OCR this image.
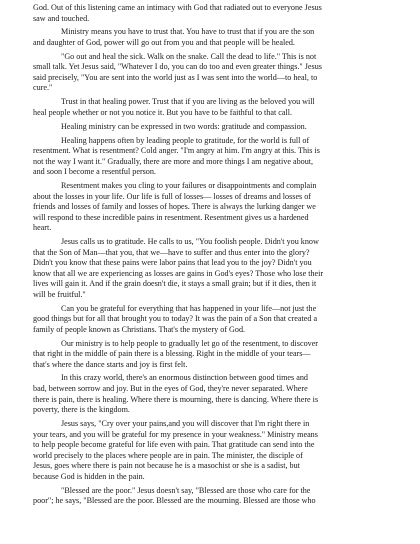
God. Out of this listening came an intimacy with God that radiated out to everyone Jesus
saw and touched.

Ministry means you have to trust that. You have to trust that if you are the son
and daughter of God, power will go out from you and that people will be healed.

"Go out and heal the sick. Walk on the snake. Call the dead to life." This is not
small talk. Yet Jesus said, "Whatever I do, you can do too and even greater things." Jesus
said precisely, "You are sent into the world just as I was sent into the world—to heal, to
cure."

Trust in that healing power. Trust that if you are living as the beloved you will
heal people whether or not you notice it. But you have to be faithful to that call.

Healing ministry can be expressed in two words: gratitude and compassion.

Healing happens often by leading people to gratitude, for the world is full of
resentment. What is resentment? Cold anger. "I'm angry at him. I'm angry at this. This is
not the way I want it." Gradually, there are more and more things I am negative about,
and soon I become a resentful person.

Resentment makes you cling to your failures or disappointments and complain
about the losses in your life. Our life is full of losses— losses of dreams and losses of
friends and losses of family and losses of hopes. There is always the lurking danger we
will respond to these incredible pains in resentment. Resentment gives us a hardened
heart.

Jesus calls us to gratitude. He calls to us, "You foolish people. Didn't you know
that the Son of Man—that you, that we—have to suffer and thus enter into the glory?
Didn't you know that these pains were labor pains that lead you to the joy? Didn't you
know that all we are experiencing as losses are gains in God's eyes? Those who lose their
lives will gain it. And if the grain doesn't die, it stays a small grain; but if it dies, then it
will be fruitful."

Can you be grateful for everything that has happened in your life—not just the
good things but for all that brought you to today? It was the pain of a Son that created a
family of people known as Christians. That's the mystery of God.

Our ministry is to help people to gradually let go of the resentment, to discover
that right in the middle of pain there is a blessing. Right in the middle of your tears—
that's where the dance starts and joy is first felt.

In this crazy world, there's an enormous distinction between good times and
bad, between sorrow and joy. But in the eyes of God, they're never separated. Where
there is pain, there is healing. Where there is mourning, there is dancing. Where there is
poverty, there is the kingdom.

Jesus says, "Cry over your pains,and you will discover that I'm right there in
your tears, and you will be grateful for my presence in your weakness." Ministry means
to help people become grateful for life even with pain. That gratitude can send into the
world precisely to the places where people are in pain. The minister, the disciple of
Jesus, goes where there is pain not because he is a masochist or she is a sadist, but
because God is hidden in the pain.

"Blessed are the poor." Jesus doesn't say, "Blessed are those who care for the
poor"; he says, "Blessed are the poor. Blessed are the mourning. Blessed are those who
